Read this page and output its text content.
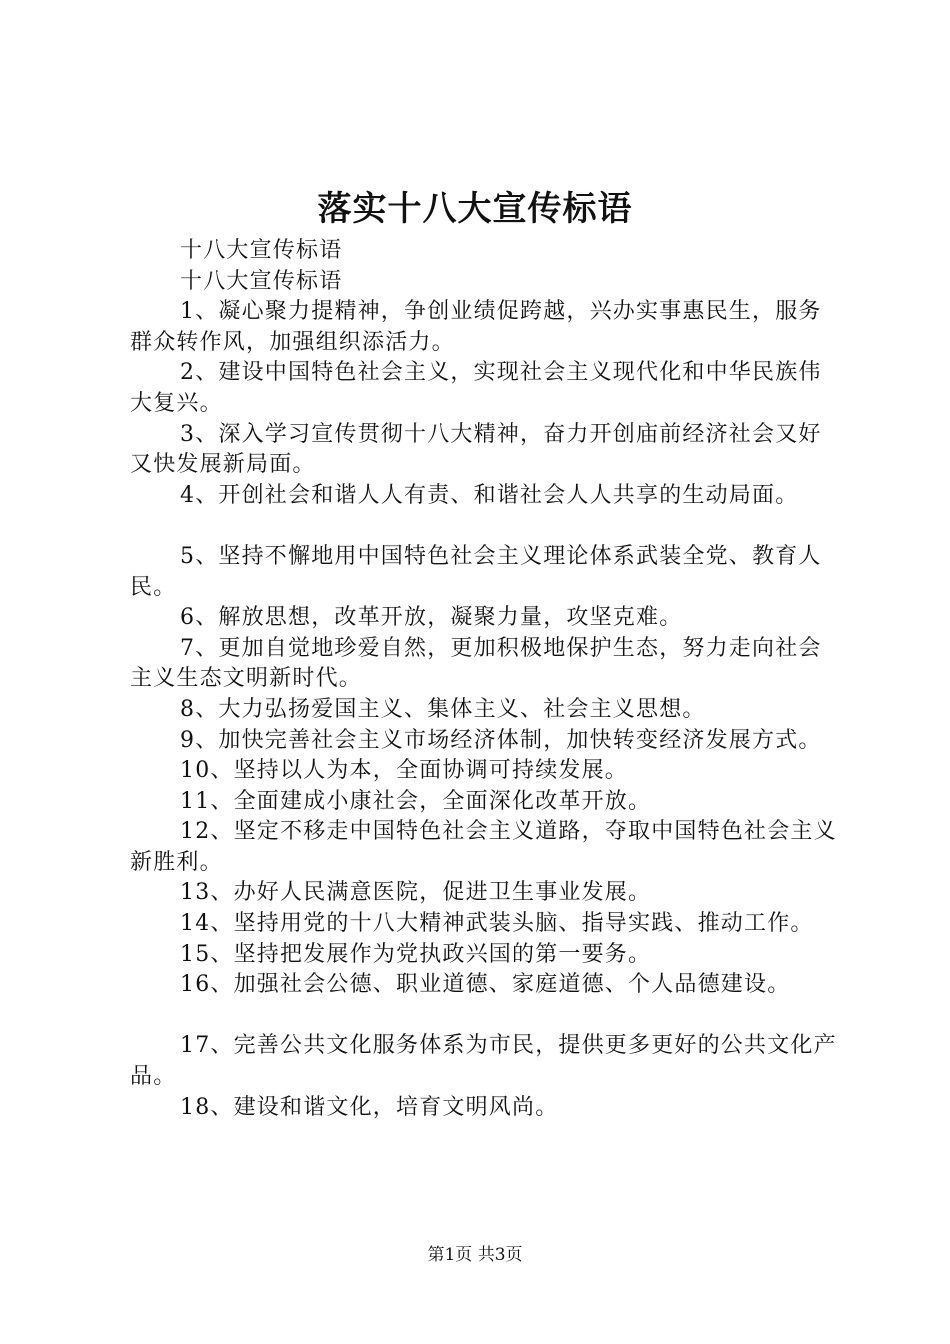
落实十八大宣传标语

十八大宣传标语

十八大宣传标语

1、凝心聚力提精神，争创业绩促跨越，兴办实事惠民生，服务群众转作风，加强组织添活力。

2、建设中国特色社会主义，实现社会主义现代化和中华民族伟大复兴。

3、深入学习宣传贯彻十八大精神，奋力开创庙前经济社会又好又快发展新局面。

4、开创社会和谐人人有责、和谐社会人人共享的生动局面。

5、坚持不懈地用中国特色社会主义理论体系武装全党、教育人民。

6、解放思想，改革开放，凝聚力量，攻坚克难。

7、更加自觉地珍爱自然，更加积极地保护生态，努力走向社会主义生态文明新时代。

8、大力弘扬爱国主义、集体主义、社会主义思想。

9、加快完善社会主义市场经济体制，加快转变经济发展方式。

10、坚持以人为本，全面协调可持续发展。

11、全面建成小康社会，全面深化改革开放。

12、坚定不移走中国特色社会主义道路，夺取中国特色社会主义新胜利。

13、办好人民满意医院，促进卫生事业发展。

14、坚持用党的十八大精神武装头脑、指导实践、推动工作。

15、坚持把发展作为党执政兴国的第一要务。

16、加强社会公德、职业道德、家庭道德、个人品德建设。

17、完善公共文化服务体系为市民，提供更多更好的公共文化产品。

18、建设和谐文化，培育文明风尚。

第1页 共3页
